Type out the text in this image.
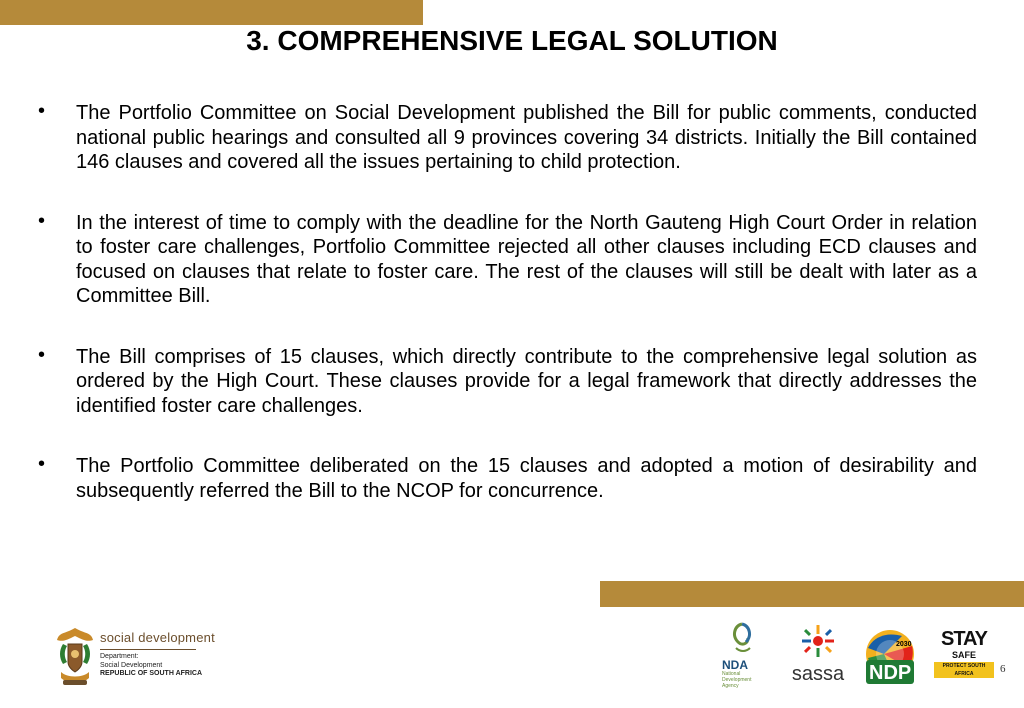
3. COMPREHENSIVE LEGAL SOLUTION
• The Portfolio Committee on Social Development published the Bill for public comments, conducted national public hearings and consulted all 9 provinces covering 34 districts. Initially the Bill contained 146 clauses and covered all the issues pertaining to child protection.
• In the interest of time to comply with the deadline for the North Gauteng High Court Order in relation to foster care challenges, Portfolio Committee rejected all other clauses including ECD clauses and focused on clauses that relate to foster care. The rest of the clauses will still be dealt with later as a Committee Bill.
• The Bill comprises of 15 clauses, which directly contribute to the comprehensive legal solution as ordered by the High Court. These clauses provide for a legal framework that directly addresses the identified foster care challenges.
• The Portfolio Committee deliberated on the 15 clauses and adopted a motion of desirability and subsequently referred the Bill to the NCOP for concurrence.
social development
Department:
Social Development
REPUBLIC OF SOUTH AFRICA
NDA
National
Development
Agency
sassa
2030
NDP
STAY
SAFE
PROTECT SOUTH AFRICA	6
